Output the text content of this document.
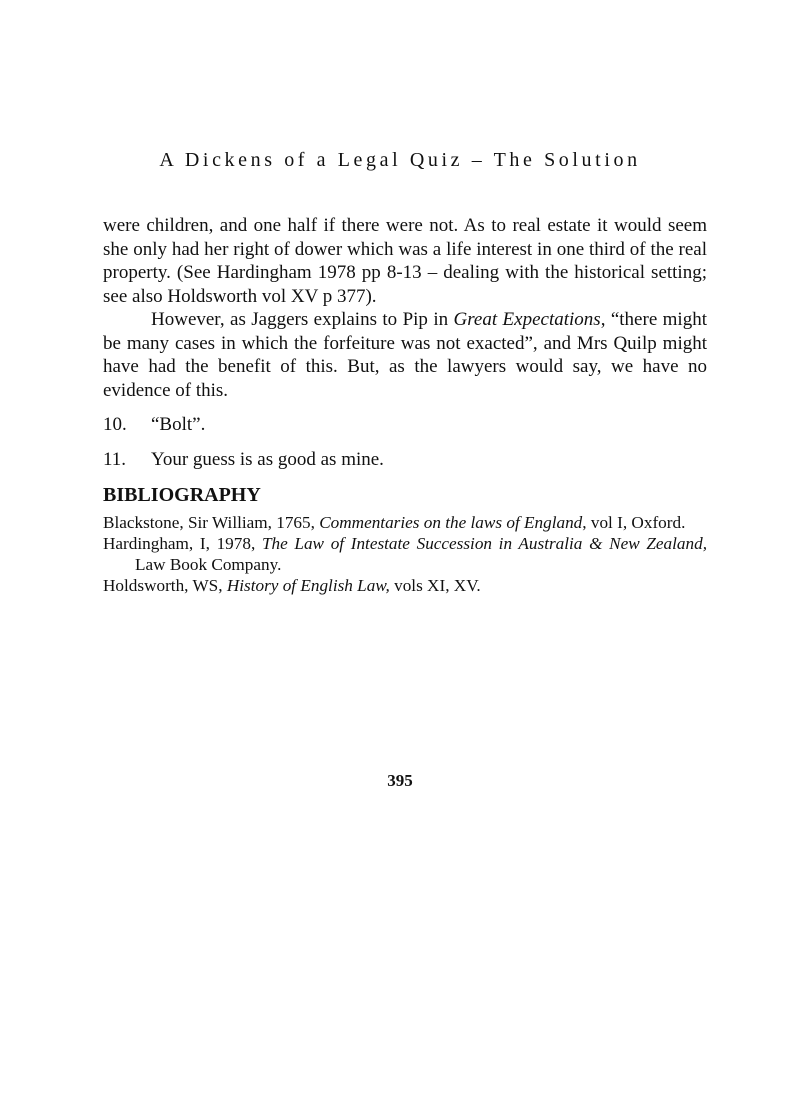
A Dickens of a Legal Quiz – The Solution

were children, and one half if there were not. As to real estate it would seem she only had her right of dower which was a life interest in one third of the real property. (See Hardingham 1978 pp 8-13 – dealing with the historical setting; see also Holdsworth vol XV p 377).

However, as Jaggers explains to Pip in Great Expectations, “there might be many cases in which the forfeiture was not exacted”, and Mrs Quilp might have had the benefit of this. But, as the lawyers would say, we have no evidence of this.

10.	“Bolt”.
11.	Your guess is as good as mine.
BIBLIOGRAPHY
Blackstone, Sir William, 1765, Commentaries on the laws of England, vol I, Oxford.
Hardingham, I, 1978, The Law of Intestate Succession in Australia & New Zealand, Law Book Company.
Holdsworth, WS, History of English Law, vols XI, XV.
395
